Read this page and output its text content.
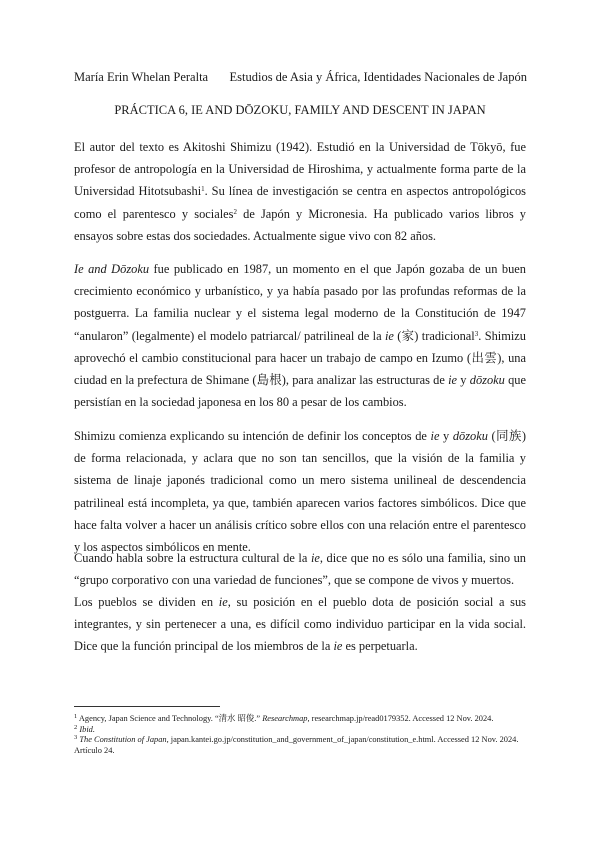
María Erin Whelan Peralta Estudios de Asia y África, Identidades Nacionales de Japón
PRÁCTICA 6, IE AND DŌZOKU, FAMILY AND DESCENT IN JAPAN

El autor del texto es Akitoshi Shimizu (1942). Estudió en la Universidad de Tōkyō, fue profesor de antropología en la Universidad de Hiroshima, y actualmente forma parte de la Universidad Hitotsubashi$^1$. Su línea de investigación se centra en aspectos antropológicos como el parentesco y sociales$^2$ de Japón y Micronesia. Ha publicado varios libros y ensayos sobre estas dos sociedades. Actualmente sigue vivo con 82 años.

Ie and Dōzoku fue publicado en 1987, un momento en el que Japón gozaba de un buen crecimiento económico y urbanístico, y ya había pasado por las profundas reformas de la postguerra. La familia nuclear y el sistema legal moderno de la Constitución de 1947 “anularon” (legalmente) el modelo patriarcal/ patrilineal de la ie (家) tradicional$^3$. Shimizu aprovechó el cambio constitucional para hacer un trabajo de campo en Izumo (出雲), una ciudad en la prefectura de Shimane (島根), para analizar las estructuras de ie y dōzoku que persistían en la sociedad japonesa en los 80 a pesar de los cambios.

Shimizu comienza explicando su intención de definir los conceptos de ie y dōzoku (同族) de forma relacionada, y aclara que no son tan sencillos, que la visión de la familia y sistema de linaje japonés tradicional como un mero sistema unilineal de descendencia patrilineal está incompleta, ya que, también aparecen varios factores simbólicos. Dice que hace falta volver a hacer un análisis crítico sobre ellos con una relación entre el parentesco y los aspectos simbólicos en mente.

Cuando habla sobre la estructura cultural de la ie, dice que no es sólo una familia, sino un “grupo corporativo con una variedad de funciones”, que se compone de vivos y muertos.

Los pueblos se dividen en ie, su posición en el pueblo dota de posición social a sus integrantes, y sin pertenecer a una, es difícil como individuo participar en la vida social. Dice que la función principal de los miembros de la ie es perpetuarla.

$^1$ Agency, Japan Science and Technology. “清水 昭俊.” Researchmap, researchmap.jp/read0179352. Accessed 12 Nov. 2024.
$^2$ Ibid.
$^3$ The Constitution of Japan, japan.kantei.go.jp/constitution_and_government_of_japan/constitution_e.html. Accessed 12 Nov. 2024. Artículo 24.
